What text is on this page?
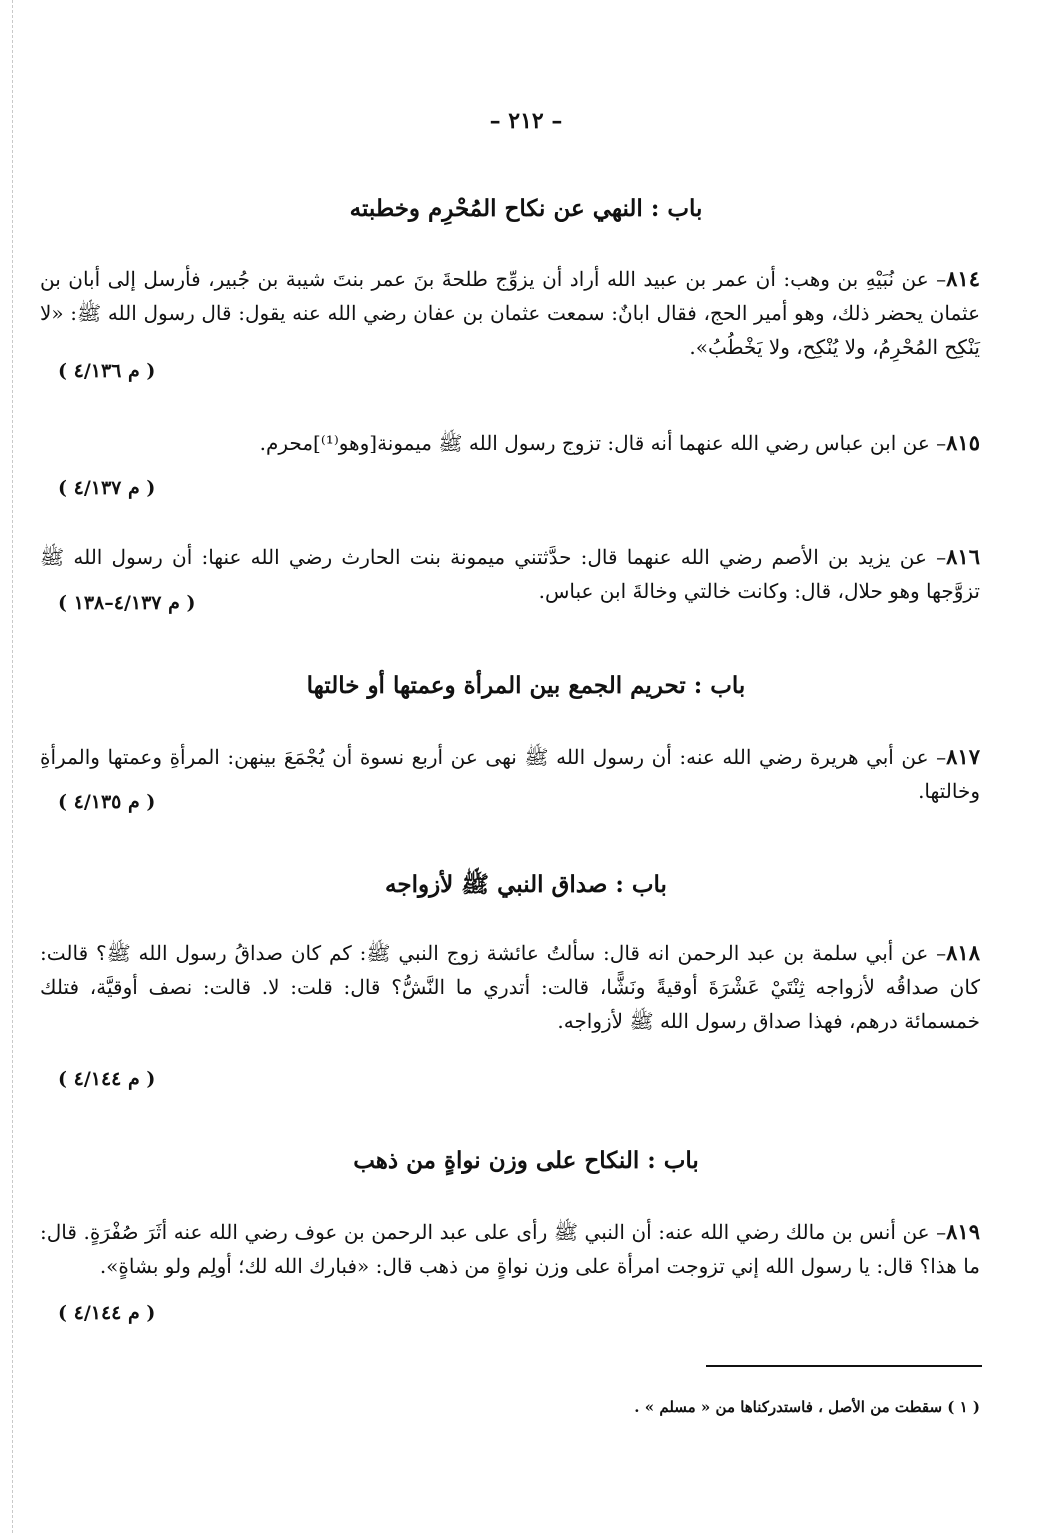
– ٢١٢ –
باب : النهي عن نكاح المُحْرِم وخطبته
٨١٤– عن نُبَيْهِ بن وهب: أن عمر بن عبيد الله أراد أن يزوِّج طلحةَ بنَ عمر بنتَ شيبة بن جُبير، فأرسل إلى أبان بن عثمان يحضر ذلك، وهو أمير الحج، فقال ابانٌ: سمعت عثمان بن عفان رضي الله عنه يقول: قال رسول الله ﷺ: «لا يَنْكِح المُحْرِمُ، ولا يُنْكِح، ولا يَخْطُبُ».
( م ٤/١٣٦ )
٨١٥– عن ابن عباس رضي الله عنهما أنه قال: تزوج رسول الله ﷺ ميمونة[وهو⁽¹⁾]محرم.
( م ٤/١٣٧ )
٨١٦– عن يزيد بن الأصم رضي الله عنهما قال: حدَّثتني ميمونة بنت الحارث رضي الله عنها: أن رسول الله ﷺ تزوَّجها وهو حلال، قال: وكانت خالتي وخالةَ ابن عباس.
( م ٤/١٣٧–١٣٨ )
باب : تحريم الجمع بين المرأة وعمتها أو خالتها
٨١٧– عن أبي هريرة رضي الله عنه: أن رسول الله ﷺ نهى عن أربع نسوة أن يُجْمَعَ بينهن: المرأةِ وعمتها والمرأةِ وخالتها.
( م ٤/١٣٥ )
باب : صداق النبي ﷺ لأزواجه
٨١٨– عن أبي سلمة بن عبد الرحمن انه قال: سألتُ عائشة زوج النبي ﷺ: كم كان صداقُ رسول الله ﷺ؟ قالت: كان صداقُه لأزواجه ثِنْتَيْ عَشْرَةَ أوقيةً ونَشًّا، قالت: أتدري ما النَّشُّ؟ قال: قلت: لا. قالت: نصف أوقيَّة، فتلك خمسمائة درهم، فهذا صداق رسول الله ﷺ لأزواجه.
( م ٤/١٤٤ )
باب : النكاح على وزن نواةٍ من ذهب
٨١٩– عن أنس بن مالك رضي الله عنه: أن النبي ﷺ رأى على عبد الرحمن بن عوف رضي الله عنه أثَرَ صُفْرَةٍ. قال: ما هذا؟ قال: يا رسول الله إني تزوجت امرأة على وزن نواةٍ من ذهب قال: «فبارك الله لك؛ أولِم ولو بشاةٍ».
( م ٤/١٤٤ )
( ١ ) سقطت من الأصل ، فاستدركناها من « مسلم » .
